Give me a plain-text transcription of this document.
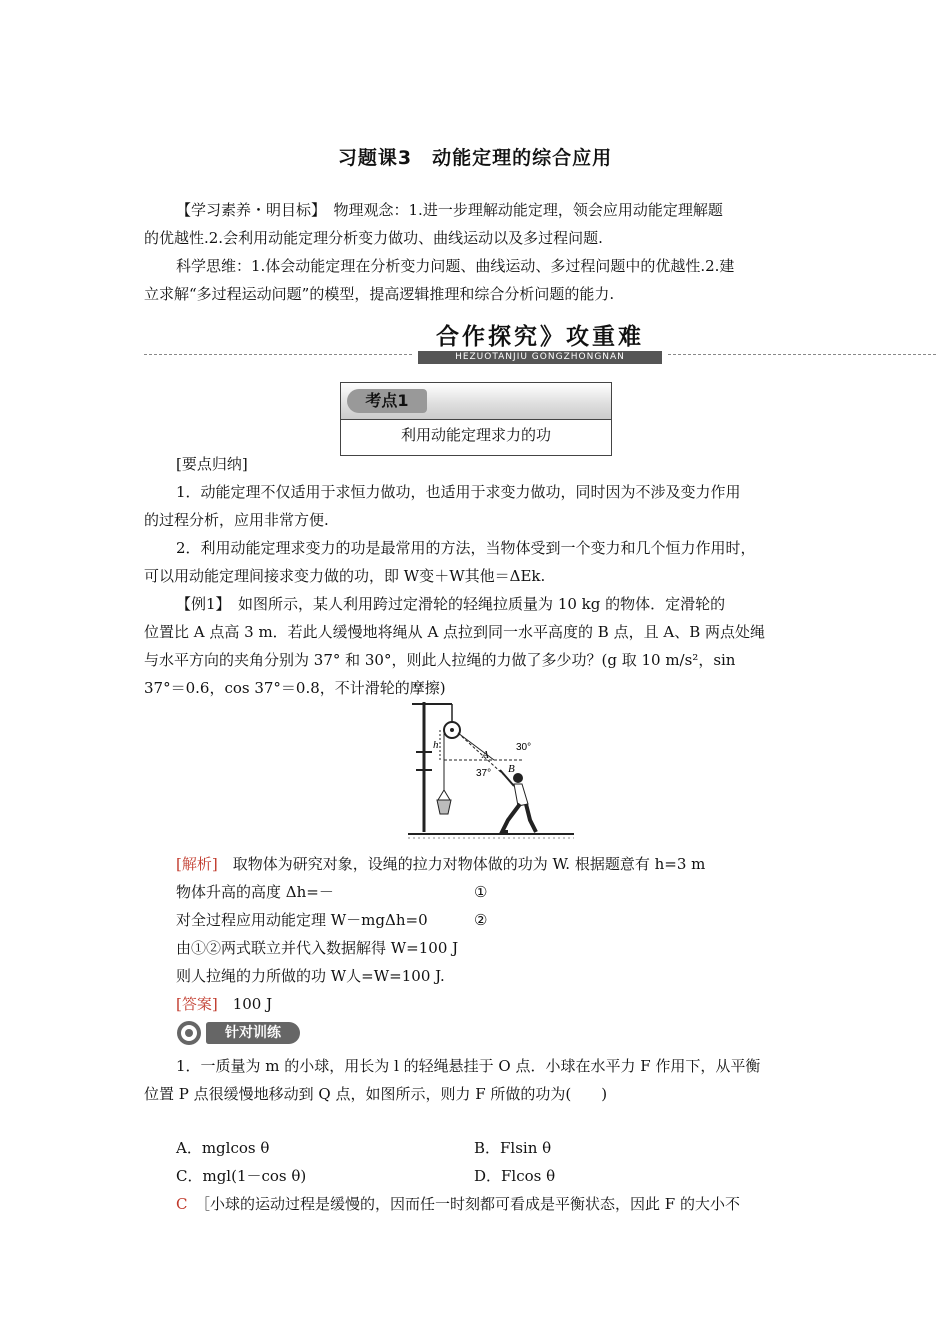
习题课3　动能定理的综合应用
【学习素养・明目标】　物理观念：1.进一步理解动能定理，领会应用动能定理解题
的优越性.2.会利用动能定理分析变力做功、曲线运动以及多过程问题.
科学思维：1.体会动能定理在分析变力问题、曲线运动、多过程问题中的优越性.2.建
立求解“多过程运动问题”的模型，提高逻辑推理和综合分析问题的能力.
合作探究》攻重难
HEZUOTANJIU GONGZHONGNAN
考点1
利用动能定理求力的功
[要点归纳]
1．动能定理不仅适用于求恒力做功，也适用于求变力做功，同时因为不涉及变力作用
的过程分析，应用非常方便.
2．利用动能定理求变力的功是最常用的方法，当物体受到一个变力和几个恒力作用时，
可以用动能定理间接求变力做的功，即 W变＋W其他＝ΔEk.
【例1】　如图所示，某人利用跨过定滑轮的轻绳拉质量为 10 kg 的物体．定滑轮的
位置比 A 点高 3 m．若此人缓慢地将绳从 A 点拉到同一水平高度的 B 点，且 A、B 两点处绳
与水平方向的夹角分别为 37° 和 30°，则此人拉绳的力做了多少功？(g 取 10 m/s²，sin
37°＝0.6，cos 37°＝0.8，不计滑轮的摩擦)
h
A
B
30°
37°
[解析]　取物体为研究对象，设绳的拉力对物体做的功为 W. 根据题意有 h=3 m
物体升高的高度 Δh=－	①
对全过程应用动能定理 W－mgΔh=0	②
由①②两式联立并代入数据解得 W=100 J
则人拉绳的力所做的功 W人=W=100 J.
[答案]　100 J
针对训练
1．一质量为 m 的小球，用长为 l 的轻绳悬挂于 O 点．小球在水平力 F 作用下，从平衡
位置 P 点很缓慢地移动到 Q 点，如图所示，则力 F 所做的功为(　　)
A．mglcos θ	B．Flsin θ
C．mgl(1－cos θ)	D．Flcos θ
C　 ［小球的运动过程是缓慢的，因而任一时刻都可看成是平衡状态，因此 F 的大小不
